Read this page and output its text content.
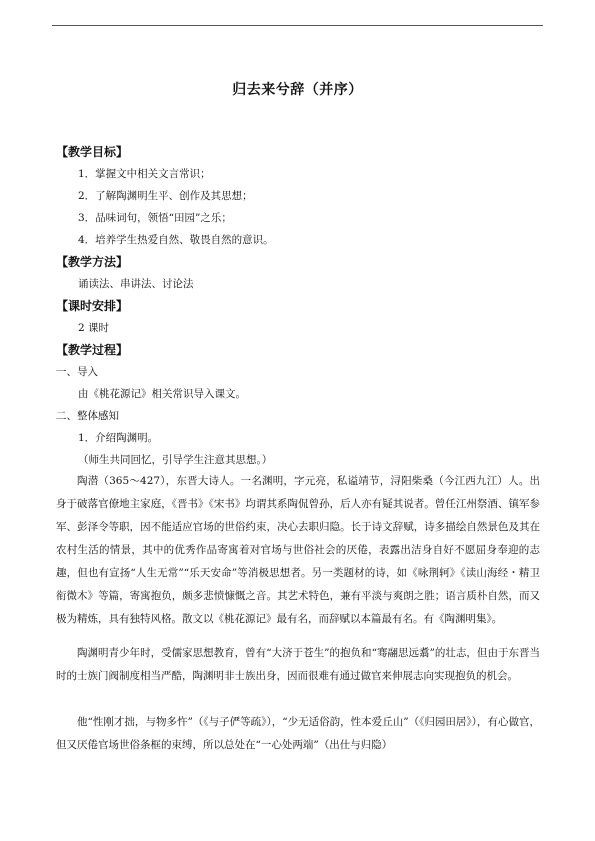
归去来兮辞（并序）
【教学目标】
1．掌握文中相关文言常识；
2．了解陶渊明生平、创作及其思想；
3．品味词句，领悟“田园”之乐；
4．培养学生热爱自然、敬畏自然的意识。
【教学方法】
诵读法、串讲法、讨论法
【课时安排】
2 课时
【教学过程】
一、导入
由《桃花源记》相关常识导入课文。
二、整体感知
1．介绍陶渊明。
（师生共同回忆，引导学生注意其思想。）
陶潜（365～427），东晋大诗人。一名渊明，字元亮，私谥靖节，浔阳柴桑（今江西九江）人。出身于破落官僚地主家庭，《晋书》《宋书》均谓其系陶侃曾孙，后人亦有疑其说者。曾任江州祭酒、镇军参军、彭泽令等职，因不能适应官场的世俗约束，决心去职归隐。长于诗文辞赋，诗多描绘自然景色及其在农村生活的情景，其中的优秀作品寄寓着对官场与世俗社会的厌倦，表露出洁身自好不愿屈身奉迎的志趣，但也有宣扬“人生无常”“乐天安命”等消极思想者。另一类题材的诗，如《咏荆轲》《读山海经・精卫衔微木》等篇，寄寓抱负，颇多悲愤慷慨之音。其艺术特色，兼有平淡与爽朗之胜；语言质朴自然，而又极为精炼，具有独特风格。散文以《桃花源记》最有名，而辞赋以本篇最有名。有《陶渊明集》。
陶渊明青少年时，受儒家思想教育，曾有“大济于苍生”的抱负和“骞翮思远翥”的壮志，但由于东晋当时的士族门阀制度相当严酷，陶渊明非士族出身，因而很难有通过做官来伸展志向实现抱负的机会。
他“性刚才拙，与物多忤”（《与子俨等疏》），“少无适俗韵，性本爱丘山”（《归园田居》），有心做官，但又厌倦官场世俗条框的束缚，所以总处在“一心处两端”（出仕与归隐）
